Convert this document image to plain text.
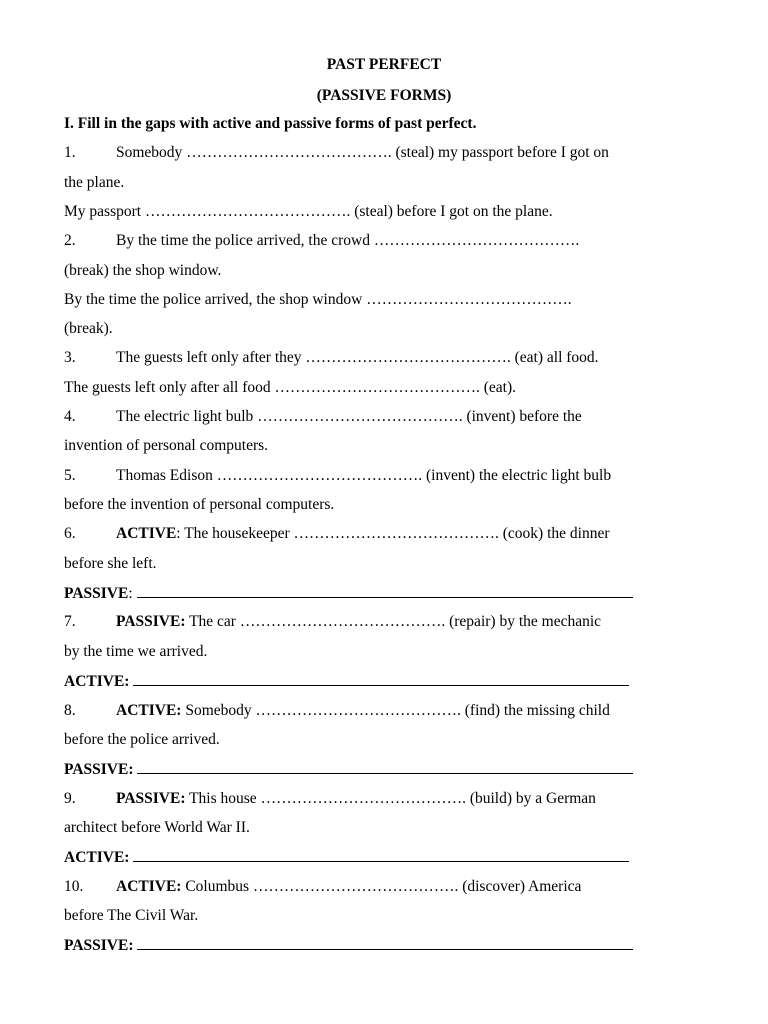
PAST PERFECT
(PASSIVE FORMS)
I. Fill in the gaps with active and passive forms of past perfect.
1.	Somebody …………………………………. (steal) my passport before I got on
the plane.
My passport …………………………………. (steal) before I got on the plane.
2.	By the time the police arrived, the crowd ………………………………….
(break) the shop window.
By the time the police arrived, the shop window ………………………………….
(break).
3.	The guests left only after they …………………………………. (eat) all food.
The guests left only after all food …………………………………. (eat).
4.	The electric light bulb …………………………………. (invent) before the
invention of personal computers.
5.	Thomas Edison …………………………………. (invent) the electric light bulb
before the invention of personal computers.
6.	ACTIVE: The housekeeper …………………………………. (cook) the dinner
before she left.
PASSIVE:
7.	PASSIVE: The car …………………………………. (repair) by the mechanic
by the time we arrived.
ACTIVE:
8.	ACTIVE: Somebody …………………………………. (find) the missing child
before the police arrived.
PASSIVE:
9.	PASSIVE: This house …………………………………. (build) by a German
architect before World War II.
ACTIVE:
10. ACTIVE: Columbus …………………………………. (discover) America
before The Civil War.
PASSIVE:
